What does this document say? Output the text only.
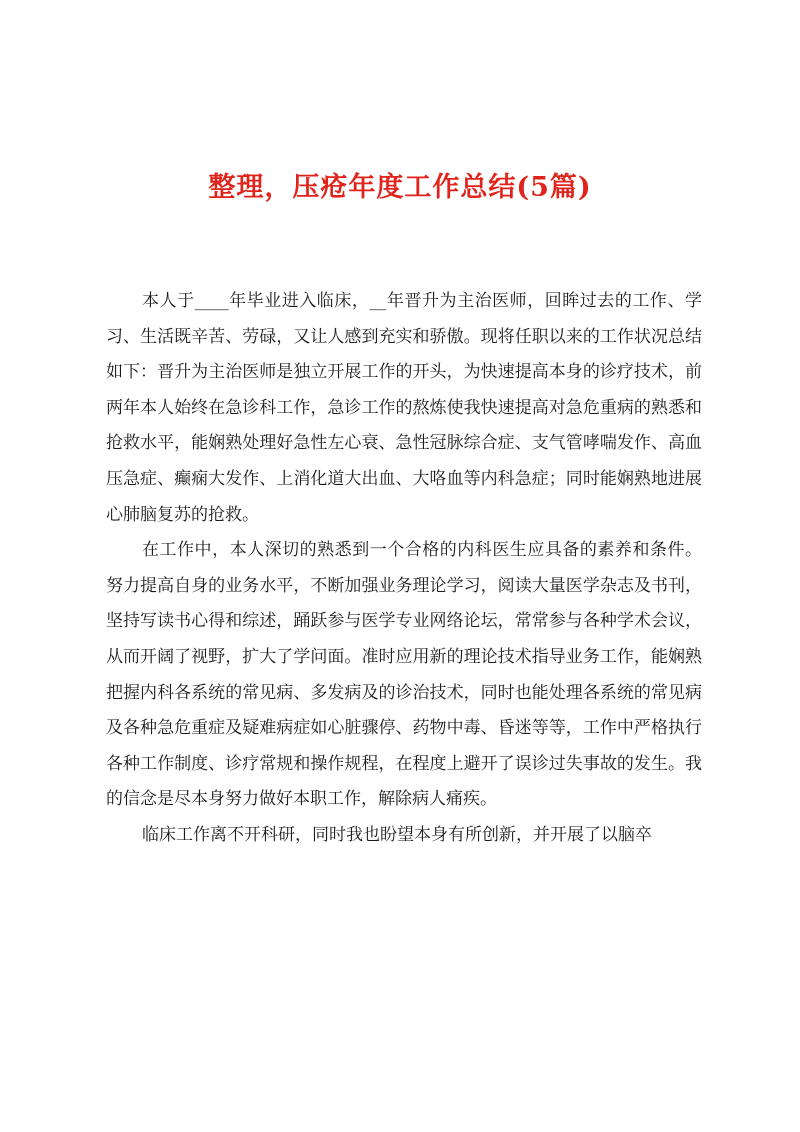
整理，压疮年度工作总结(5篇)

本人于____年毕业进入临床，__年晋升为主治医师，回眸过去的工作、学习、生活既辛苦、劳碌，又让人感到充实和骄傲。现将任职以来的工作状况总结如下：晋升为主治医师是独立开展工作的开头，为快速提高本身的诊疗技术，前两年本人始终在急诊科工作，急诊工作的熬炼使我快速提高对急危重病的熟悉和抢救水平，能娴熟处理好急性左心衰、急性冠脉综合症、支气管哮喘发作、高血压急症、癫痫大发作、上消化道大出血、大咯血等内科急症；同时能娴熟地进展心肺脑复苏的抢救。

在工作中，本人深切的熟悉到一个合格的内科医生应具备的素养和条件。努力提高自身的业务水平，不断加强业务理论学习，阅读大量医学杂志及书刊，坚持写读书心得和综述，踊跃参与医学专业网络论坛，常常参与各种学术会议，从而开阔了视野，扩大了学问面。准时应用新的理论技术指导业务工作，能娴熟把握内科各系统的常见病、多发病及的诊治技术，同时也能处理各系统的常见病及各种急危重症及疑难病症如心脏骤停、药物中毒、昏迷等等，工作中严格执行各种工作制度、诊疗常规和操作规程，在程度上避开了误诊过失事故的发生。我的信念是尽本身努力做好本职工作，解除病人痛疾。

临床工作离不开科研，同时我也盼望本身有所创新，并开展了以脑卒
